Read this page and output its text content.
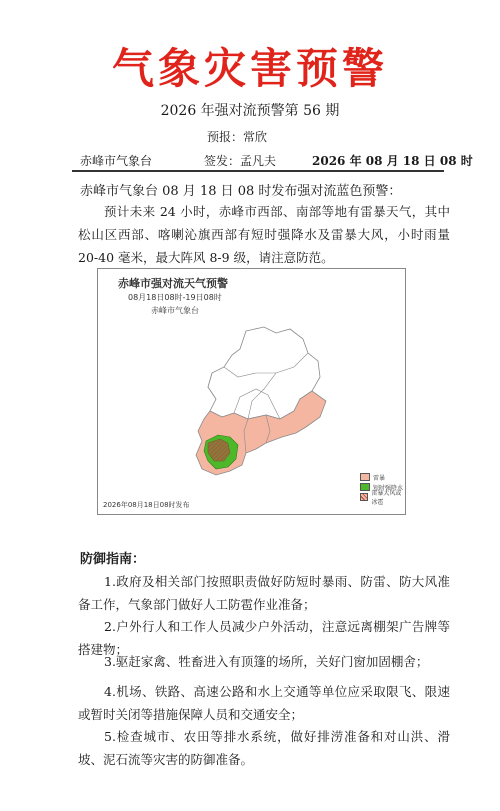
气象灾害预警
2026 年强对流预警第 56 期
预报：常欣
赤峰市气象台	签发：孟凡夫	2026 年 08 月 18 日 08 时
赤峰市气象台 08 月 18 日 08 时发布强对流蓝色预警：
预计未来 24 小时，赤峰市西部、南部等地有雷暴天气，其中松山区西部、喀喇沁旗西部有短时强降水及雷暴大风，小时雨量 20-40 毫米，最大阵风 8-9 级，请注意防范。
赤峰市强对流天气预警
08月18日08时-19日08时
赤峰市气象台
雷暴
短时强降水
雷暴大风或冰雹
2026年08月18日08时发布
防御指南：
1.政府及相关部门按照职责做好防短时暴雨、防雷、防大风准备工作，气象部门做好人工防雹作业准备；
2.户外行人和工作人员减少户外活动，注意远离棚架广告牌等搭建物；
3.驱赶家禽、牲畜进入有顶篷的场所，关好门窗加固棚舍；
4.机场、铁路、高速公路和水上交通等单位应采取限飞、限速或暂时关闭等措施保障人员和交通安全；
5.检查城市、农田等排水系统，做好排涝准备和对山洪、滑坡、泥石流等灾害的防御准备。
